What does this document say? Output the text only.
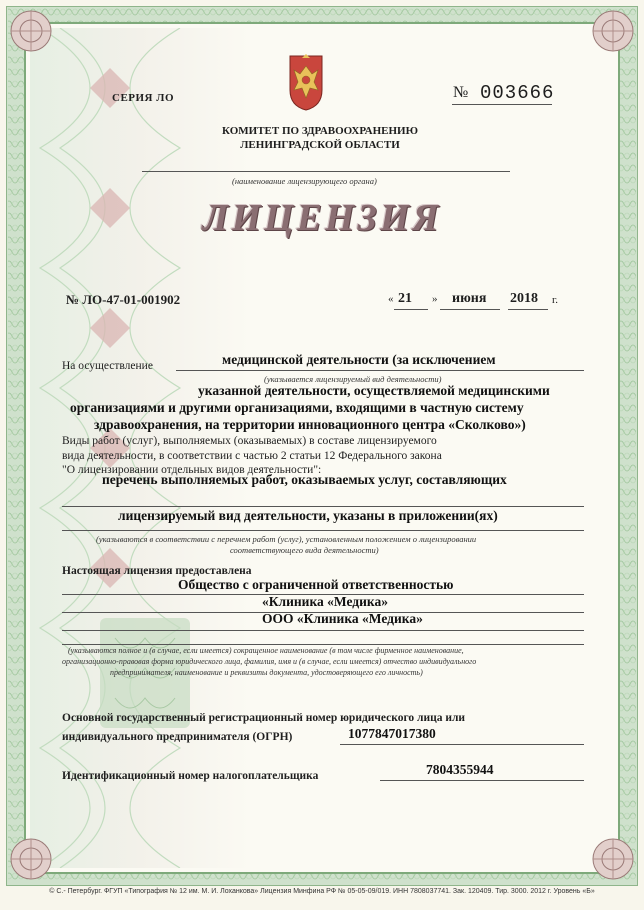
СЕРИЯ ЛО	№ 003666
КОМИТЕТ ПО ЗДРАВООХРАНЕНИЮ
ЛЕНИНГРАДСКОЙ ОБЛАСТИ
(наименование лицензирующего органа)
ЛИЦЕНЗИЯ
№ ЛО-47-01-001902	« 21 » июня 2018 г.
На осуществление	медицинской деятельности (за исключением
(указывается лицензируемый вид деятельности)
указанной деятельности, осуществляемой медицинскими
организациями и другими организациями, входящими в частную систему
здравоохранения, на территории инновационного центра «Сколково»)
Виды работ (услуг), выполняемых (оказываемых) в составе лицензируемого
вида деятельности, в соответствии с частью 2 статьи 12 Федерального закона
"О лицензировании отдельных видов деятельности":
перечень выполняемых работ, оказываемых услуг, составляющих
лицензируемый вид деятельности, указаны в приложении(ях)
(указываются в соответствии с перечнем работ (услуг), установленным положением о лицензировании
соответствующего вида деятельности)
Настоящая лицензия предоставлена
Общество с ограниченной ответственностью
«Клиника «Медика»
ООО «Клиника «Медика»
(указываются полное и (в случае, если имеется) сокращенное наименование (в том числе фирменное наименование,
организационно-правовая форма юридического лица, фамилия, имя и (в случае, если имеется) отчество индивидуального
предпринимателя, наименование и реквизиты документа, удостоверяющего его личность)
Основной государственный регистрационный номер юридического лица или
индивидуального предпринимателя (ОГРН)	1077847017380
Идентификационный номер налогоплательщика	7804355944
© С.- Петербург. ФГУП «Типография № 12 им. М. И. Лоханкова» Лицензия Минфина РФ № 05-05-09/019. ИНН 7808037741. Зак. 120409. Тир. 3000. 2012 г. Уровень «Б»
